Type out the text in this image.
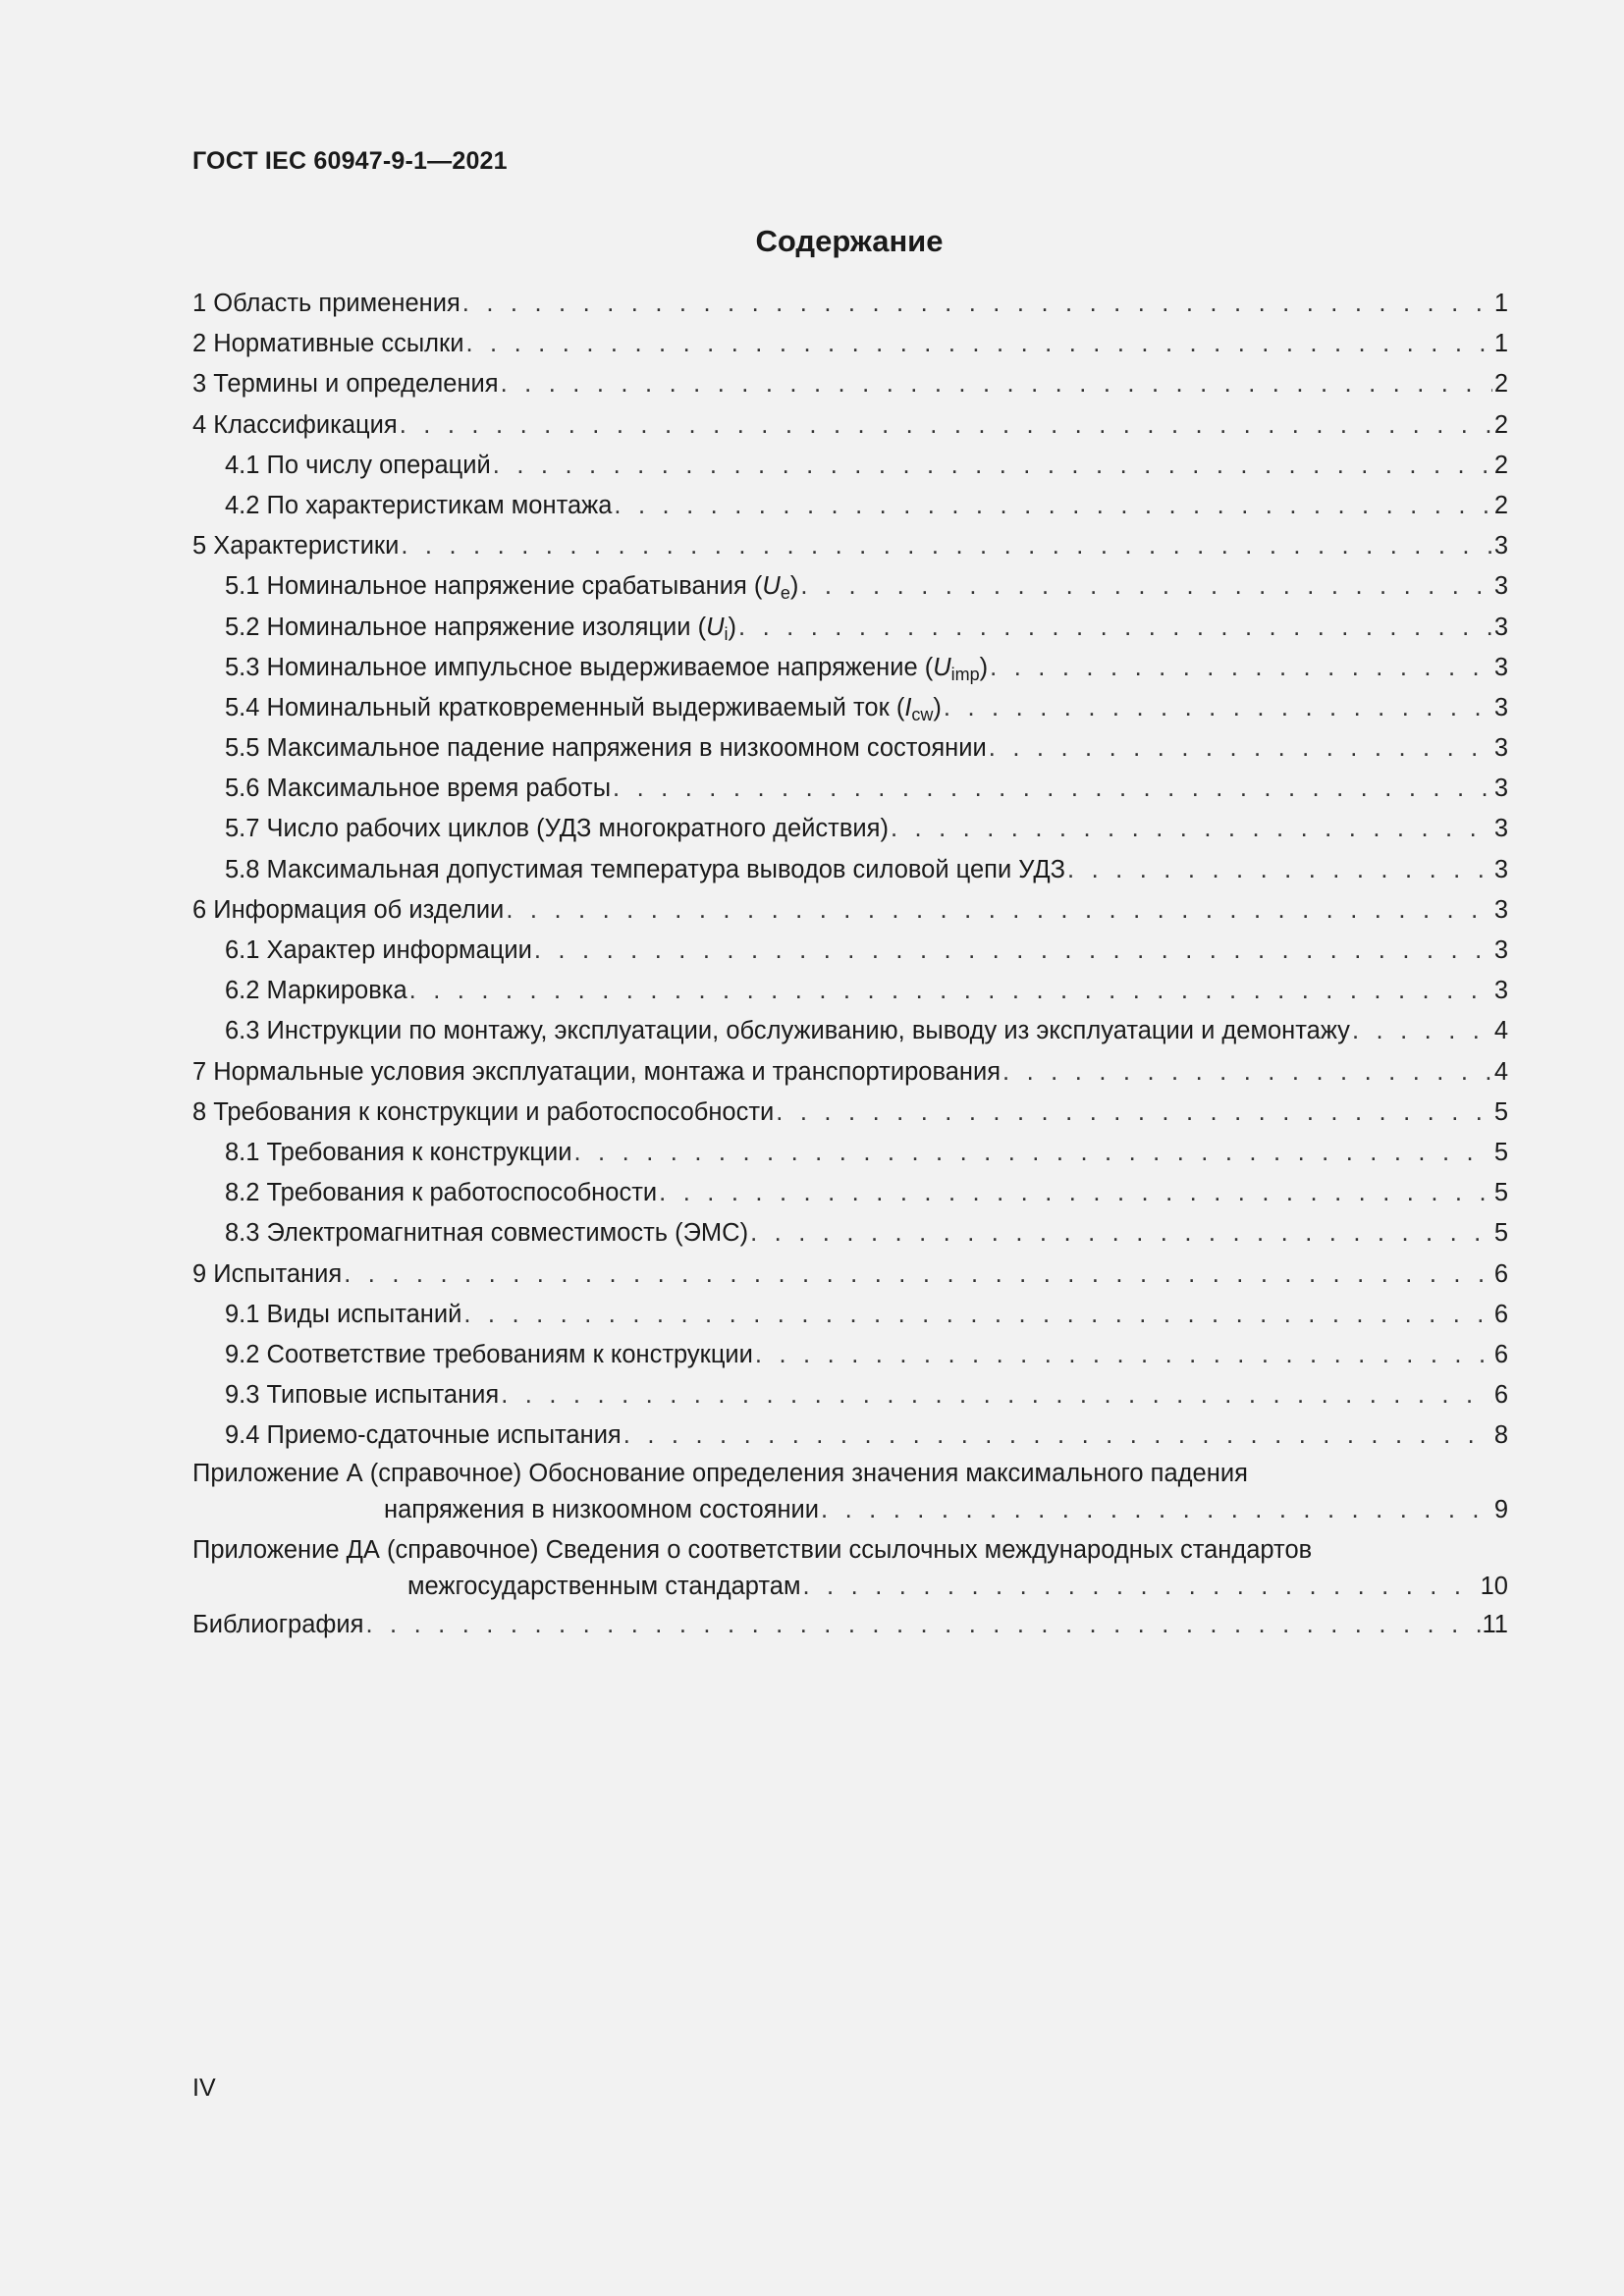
ГОСТ IEC 60947-9-1—2021
Содержание
1 Область применения . . .	1
2 Нормативные ссылки . . .	1
3 Термины и определения . . .	2
4 Классификация . . .	2
4.1 По числу операций . . .	2
4.2 По характеристикам монтажа . . .	2
5 Характеристики . . .	3
5.1 Номинальное напряжение срабатывания $(U_e)$ . . .	3
5.2 Номинальное напряжение изоляции $(U_i)$ . . .	3
5.3 Номинальное импульсное выдерживаемое напряжение $(U_{imp})$ . . .	3
5.4 Номинальный кратковременный выдерживаемый ток $(I_{cw})$ . . .	3
5.5 Максимальное падение напряжения в низкоомном состоянии . . .	3
5.6 Максимальное время работы . . .	3
5.7 Число рабочих циклов (УДЗ многократного действия) . . .	3
5.8 Максимальная допустимая температура выводов силовой цепи УДЗ . . .	3
6 Информация об изделии . . .	3
6.1 Характер информации . . .	3
6.2 Маркировка . . .	3
6.3 Инструкции по монтажу, эксплуатации, обслуживанию, выводу из эксплуатации и демонтажу . . .	4
7 Нормальные условия эксплуатации, монтажа и транспортирования . . .	4
8 Требования к конструкции и работоспособности . . .	5
8.1 Требования к конструкции . . .	5
8.2 Требования к работоспособности . . .	5
8.3 Электромагнитная совместимость (ЭМС) . . .	5
9 Испытания . . .	6
9.1 Виды испытаний . . .	6
9.2 Соответствие требованиям к конструкции . . .	6
9.3 Типовые испытания . . .	6
9.4 Приемо-сдаточные испытания . . .	8
Приложение А (справочное) Обоснование определения значения максимального падения
напряжения в низкоомном состоянии . . .	9
Приложение ДА (справочное) Сведения о соответствии ссылочных международных стандартов
межгосударственным стандартам . . .	10
Библиография . . .	11
IV
